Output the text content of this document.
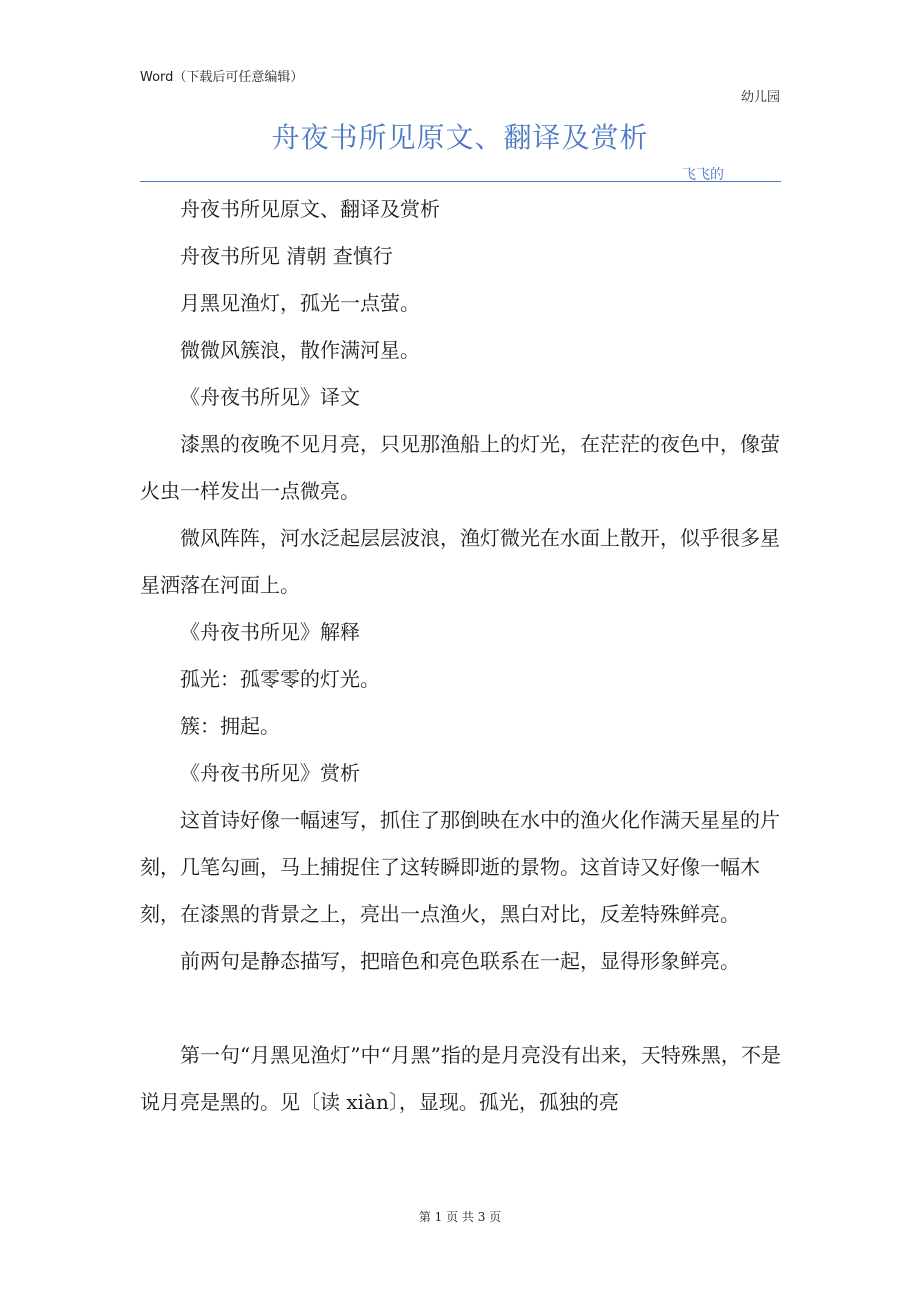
Word（下载后可任意编辑）
幼儿园
舟夜书所见原文、翻译及赏析
飞飞的

舟夜书所见原文、翻译及赏析

舟夜书所见 清朝 查慎行

月黑见渔灯，孤光一点萤。

微微风簇浪，散作满河星。

《舟夜书所见》译文

漆黑的夜晚不见月亮，只见那渔船上的灯光，在茫茫的夜色中，像萤火虫一样发出一点微亮。

微风阵阵，河水泛起层层波浪，渔灯微光在水面上散开，似乎很多星星洒落在河面上。

《舟夜书所见》解释

孤光：孤零零的灯光。

簇：拥起。

《舟夜书所见》赏析

这首诗好像一幅速写，抓住了那倒映在水中的渔火化作满天星星的片刻，几笔勾画，马上捕捉住了这转瞬即逝的景物。这首诗又好像一幅木刻，在漆黑的背景之上，亮出一点渔火，黑白对比，反差特殊鲜亮。

前两句是静态描写，把暗色和亮色联系在一起，显得形象鲜亮。

第一句“月黑见渔灯”中“月黑”指的是月亮没有出来，天特殊黑，不是说月亮是黑的。见〔读 xiàn〕，显现。孤光，孤独的亮

第 1 页 共 3 页
